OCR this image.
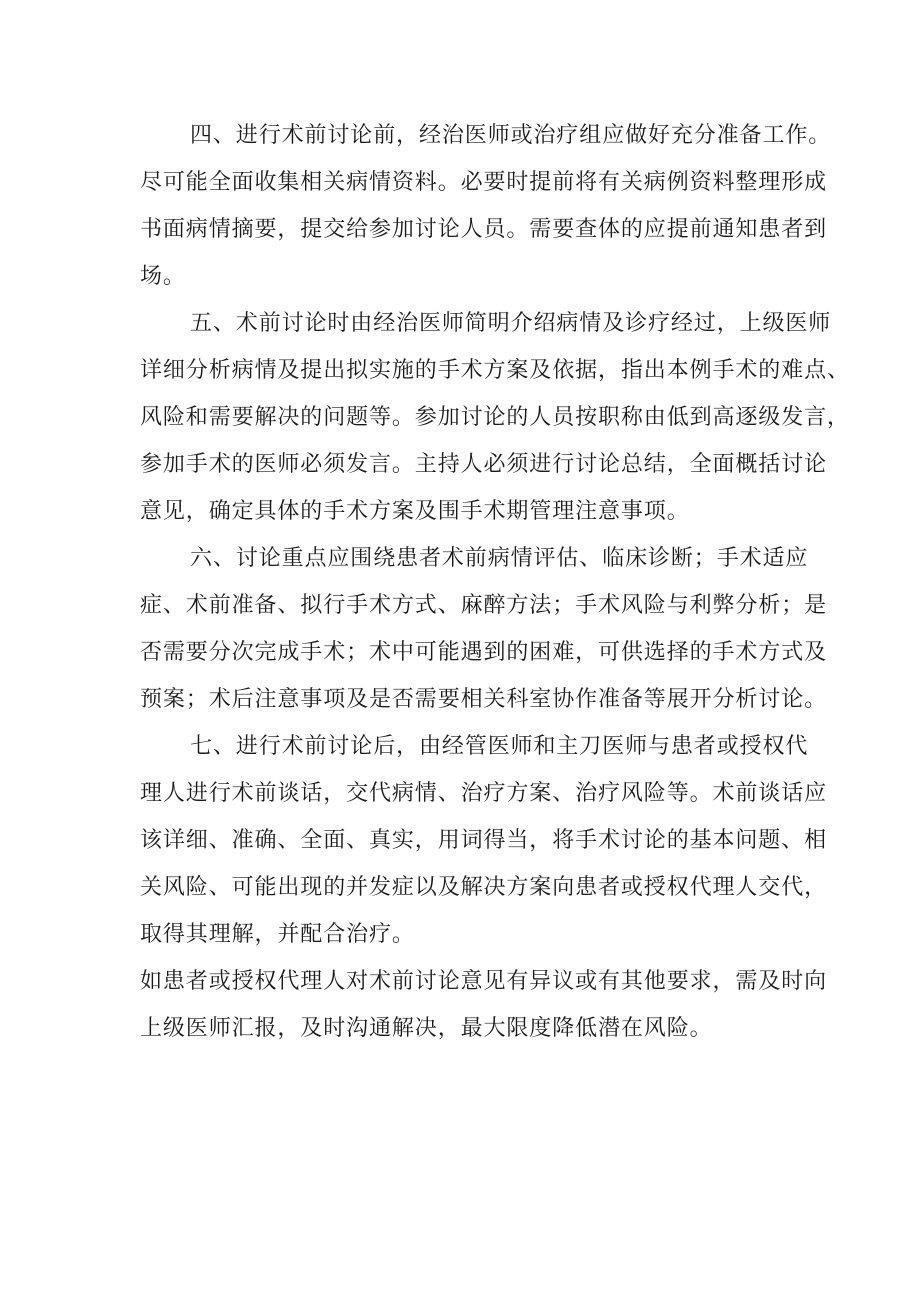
四、进行术前讨论前，经治医师或治疗组应做好充分准备工作。
尽可能全面收集相关病情资料。必要时提前将有关病例资料整理形成
书面病情摘要，提交给参加讨论人员。需要查体的应提前通知患者到
场。
五、术前讨论时由经治医师简明介绍病情及诊疗经过，上级医师
详细分析病情及提出拟实施的手术方案及依据，指出本例手术的难点、
风险和需要解决的问题等。参加讨论的人员按职称由低到高逐级发言，
参加手术的医师必须发言。主持人必须进行讨论总结，全面概括讨论
意见，确定具体的手术方案及围手术期管理注意事项。
六、讨论重点应围绕患者术前病情评估、临床诊断；手术适应
症、术前准备、拟行手术方式、麻醉方法；手术风险与利弊分析；是
否需要分次完成手术；术中可能遇到的困难，可供选择的手术方式及
预案；术后注意事项及是否需要相关科室协作准备等展开分析讨论。
七、进行术前讨论后，由经管医师和主刀医师与患者或授权代
理人进行术前谈话，交代病情、治疗方案、治疗风险等。术前谈话应
该详细、准确、全面、真实，用词得当，将手术讨论的基本问题、相
关风险、可能出现的并发症以及解决方案向患者或授权代理人交代，
取得其理解，并配合治疗。
如患者或授权代理人对术前讨论意见有异议或有其他要求，需及时向
上级医师汇报，及时沟通解决，最大限度降低潜在风险。
